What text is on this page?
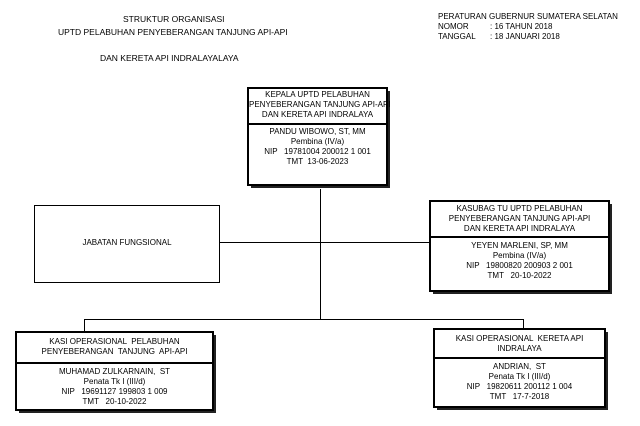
STRUKTUR ORGANISASI
UPTD PELABUHAN PENYEBERANGAN TANJUNG API-API
DAN KERETA API INDRALAYALAYA
PERATURAN GUBERNUR SUMATERA SELATAN
NOMOR	: 16 TAHUN 2018
TANGGAL	: 18 JANUARI 2018
KEPALA UPTD PELABUHAN
PENYEBERANGAN TANJUNG API-API
DAN KERETA API INDRALAYA
PANDU WIBOWO, ST, MM
Pembina (IV/a)
NIP   19781004 200012 1 001
TMT  13-06-2023
JABATAN FUNGSIONAL
KASUBAG TU UPTD PELABUHAN
PENYEBERANGAN TANJUNG API-API
DAN KERETA API INDRALAYA
YEYEN MARLENI, SP, MM
Pembina (IV/a)
NIP   19800820 200903 2 001
TMT   20-10-2022
KASI OPERASIONAL  PELABUHAN
PENYEBERANGAN  TANJUNG  API-API
MUHAMAD ZULKARNAIN,  ST
Penata Tk I (III/d)
NIP   19691127 199803 1 009
TMT   20-10-2022
KASI OPERASIONAL  KERETA API
INDRALAYA
ANDRIAN,  ST
Penata Tk I (III/d)
NIP   19820611 200112 1 004
TMT   17-7-2018
